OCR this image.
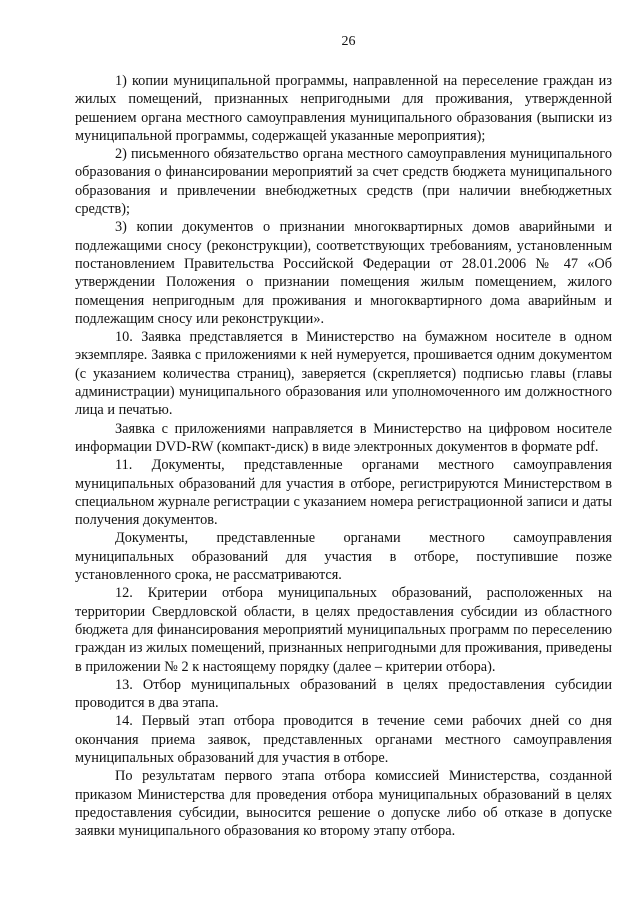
26

1) копии муниципальной программы, направленной на переселение граждан из жилых помещений, признанных непригодными для проживания, утвержденной решением органа местного самоуправления муниципального образования (выписки из муниципальной программы, содержащей указанные мероприятия);

2) письменного обязательство органа местного самоуправления муниципального образования о финансировании мероприятий за счет средств бюджета муниципального образования и привлечении внебюджетных средств (при наличии внебюджетных средств);

3) копии документов о признании многоквартирных домов аварийными и подлежащими сносу (реконструкции), соответствующих требованиям, установленным постановлением Правительства Российской Федерации от 28.01.2006 № 47 «Об утверждении Положения о признании помещения жилым помещением, жилого помещения непригодным для проживания и многоквартирного дома аварийным и подлежащим сносу или реконструкции».

10. Заявка представляется в Министерство на бумажном носителе в одном экземпляре. Заявка с приложениями к ней нумеруется, прошивается одним документом (с указанием количества страниц), заверяется (скрепляется) подписью главы (главы администрации) муниципального образования или уполномоченного им должностного лица и печатью.

Заявка с приложениями направляется в Министерство на цифровом носителе информации DVD-RW (компакт-диск) в виде электронных документов в формате pdf.

11. Документы, представленные органами местного самоуправления муниципальных образований для участия в отборе, регистрируются Министерством в специальном журнале регистрации с указанием номера регистрационной записи и даты получения документов.

Документы, представленные органами местного самоуправления муниципальных образований для участия в отборе, поступившие позже установленного срока, не рассматриваются.

12. Критерии отбора муниципальных образований, расположенных на территории Свердловской области, в целях предоставления субсидии из областного бюджета для финансирования мероприятий муниципальных программ по переселению граждан из жилых помещений, признанных непригодными для проживания, приведены в приложении № 2 к настоящему порядку (далее – критерии отбора).

13. Отбор муниципальных образований в целях предоставления субсидии проводится в два этапа.

14. Первый этап отбора проводится в течение семи рабочих дней со дня окончания приема заявок, представленных органами местного самоуправления муниципальных образований для участия в отборе.

По результатам первого этапа отбора комиссией Министерства, созданной приказом Министерства для проведения отбора муниципальных образований в целях предоставления субсидии, выносится решение о допуске либо об отказе в допуске заявки муниципального образования ко второму этапу отбора.
